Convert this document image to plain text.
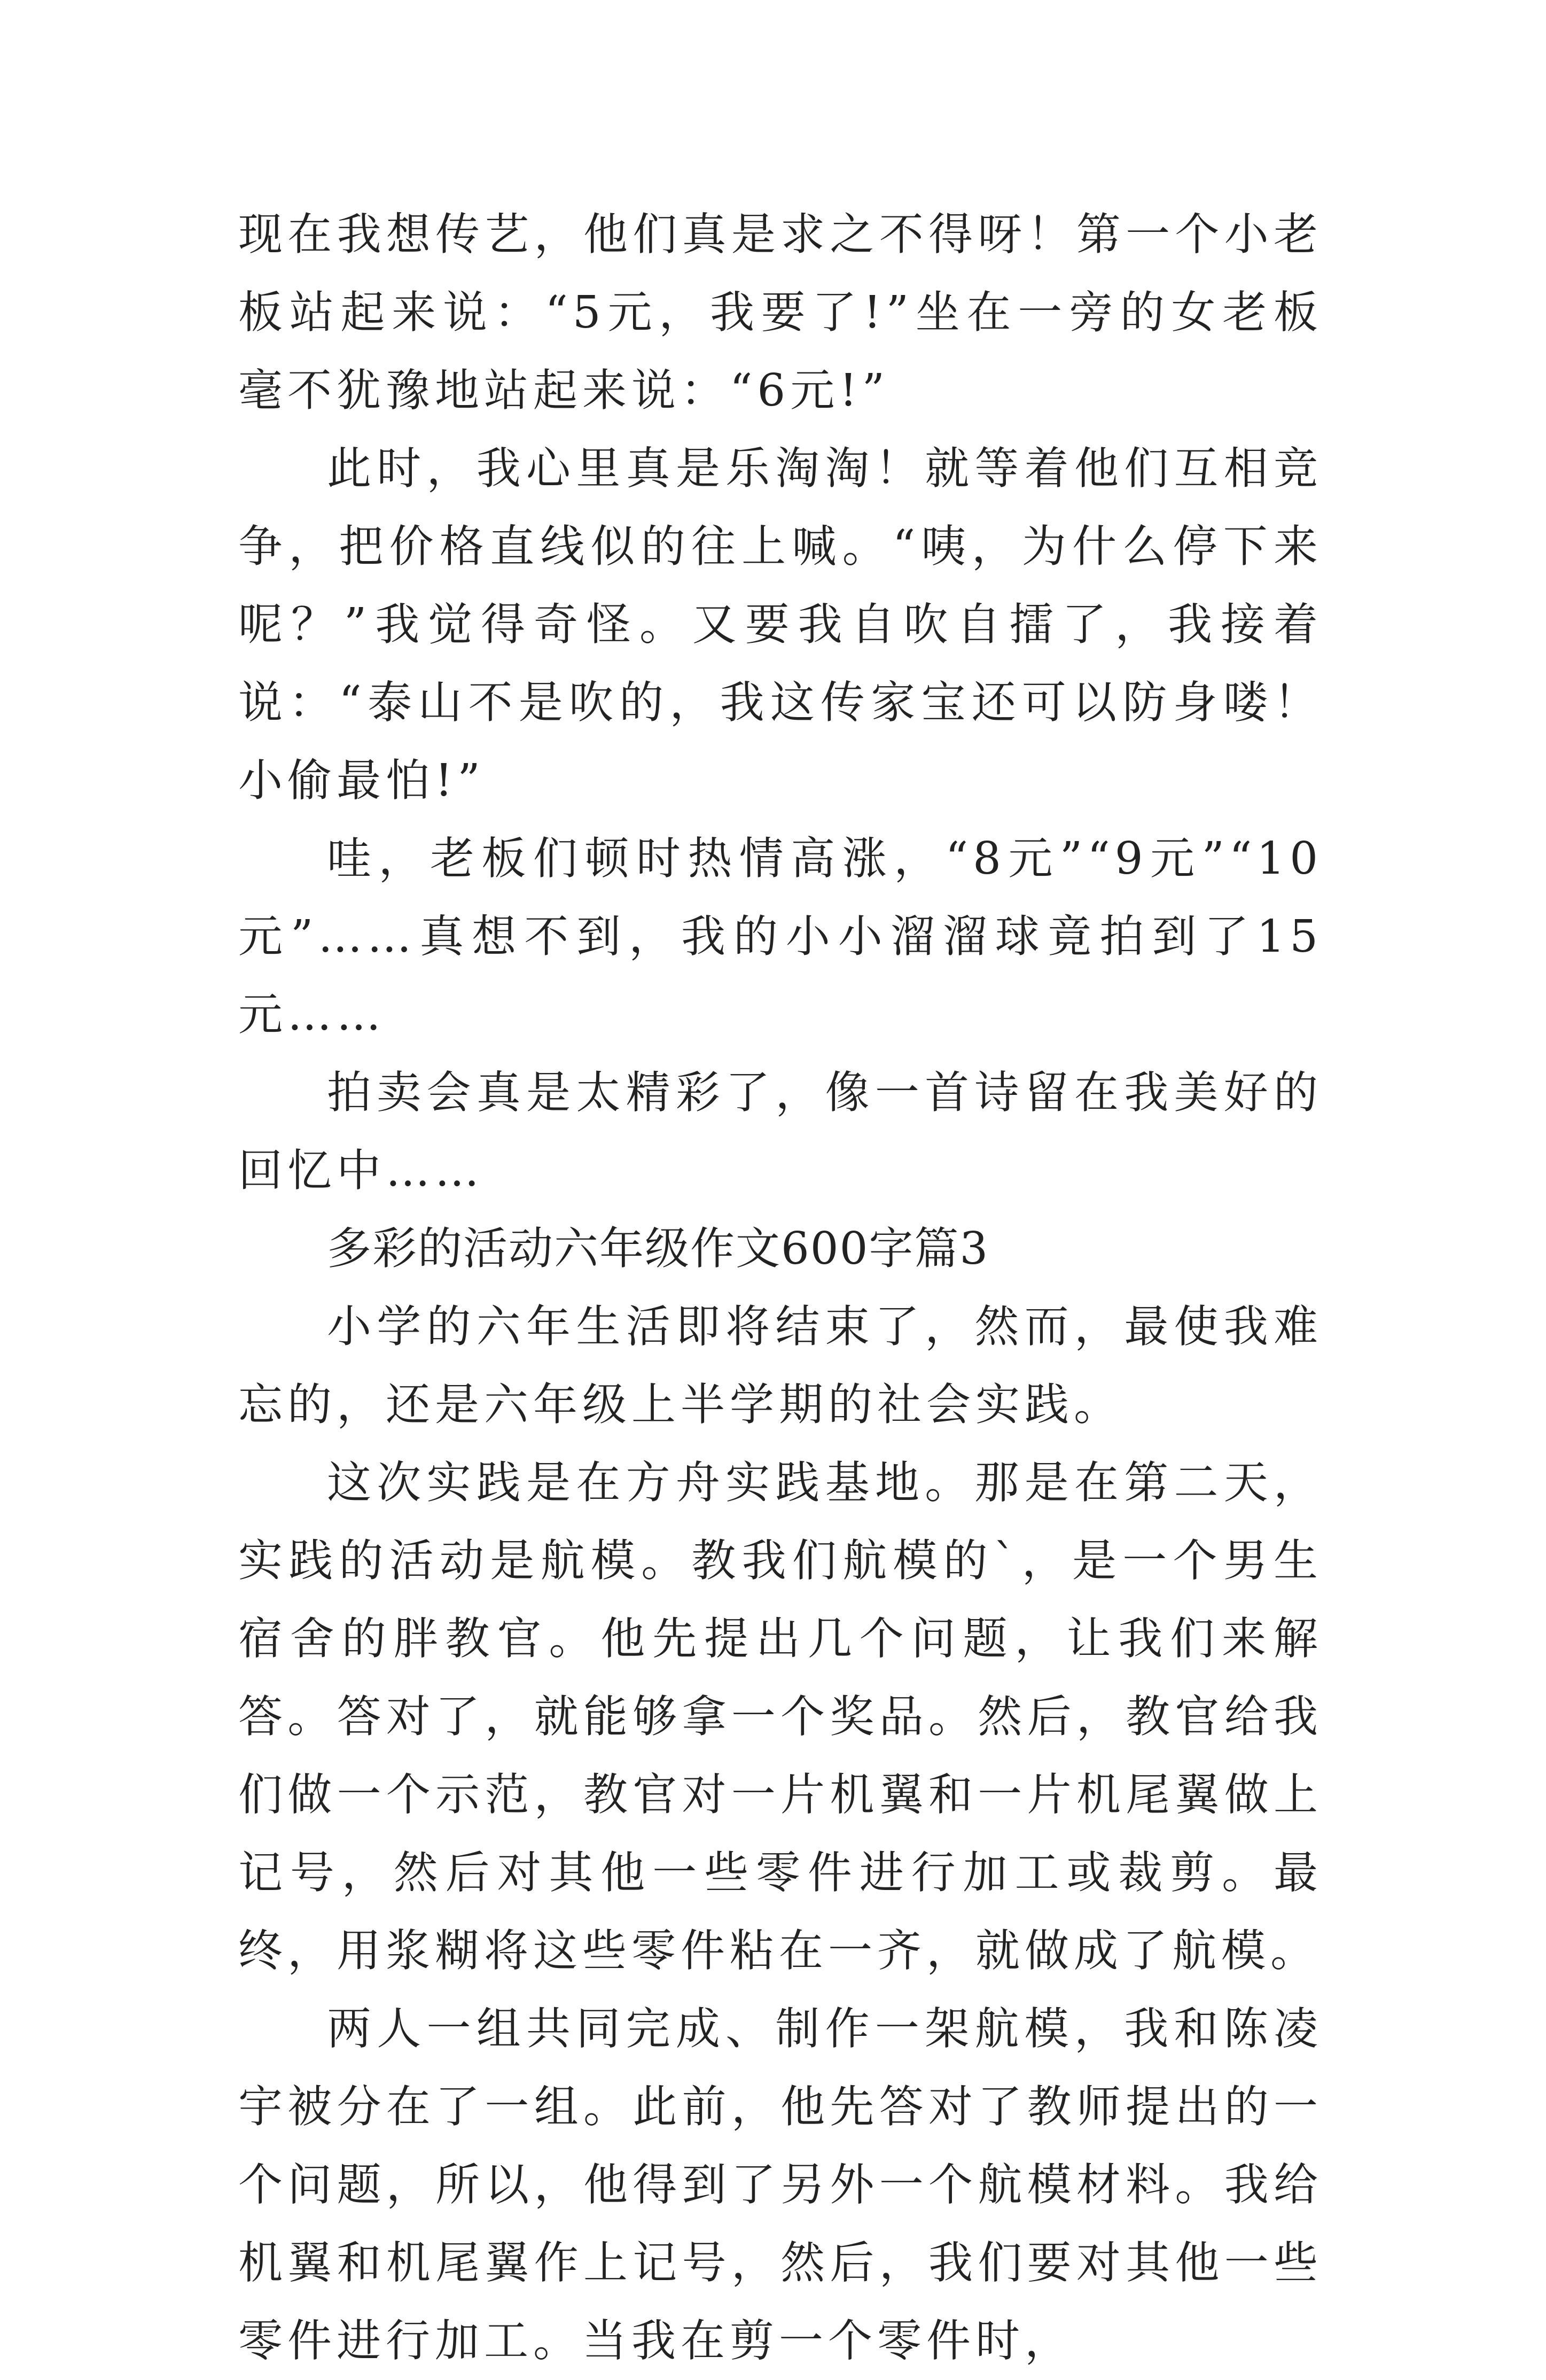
现在我想传艺，他们真是求之不得呀！第一个小老板站起来说：“5元，我要了!”坐在一旁的女老板毫不犹豫地站起来说：“6元!”

此时，我心里真是乐淘淘！就等着他们互相竞争，把价格直线似的往上喊。“咦，为什么停下来呢？”我觉得奇怪。又要我自吹自擂了，我接着说：“泰山不是吹的，我这传家宝还可以防身喽！小偷最怕!”

哇，老板们顿时热情高涨，“8元”“9元”“10元”……真想不到，我的小小溜溜球竟拍到了15元……

拍卖会真是太精彩了，像一首诗留在我美好的回忆中……

多彩的活动六年级作文600字篇3

小学的六年生活即将结束了，然而，最使我难忘的，还是六年级上半学期的社会实践。

这次实践是在方舟实践基地。那是在第二天，实践的活动是航模。教我们航模的`，是一个男生宿舍的胖教官。他先提出几个问题，让我们来解答。答对了，就能够拿一个奖品。然后，教官给我们做一个示范，教官对一片机翼和一片机尾翼做上记号，然后对其他一些零件进行加工或裁剪。最终，用浆糊将这些零件粘在一齐，就做成了航模。

两人一组共同完成、制作一架航模，我和陈凌宇被分在了一组。此前，他先答对了教师提出的一个问题，所以，他得到了另外一个航模材料。我给机翼和机尾翼作上记号，然后，我们要对其他一些零件进行加工。当我在剪一个零件时，
